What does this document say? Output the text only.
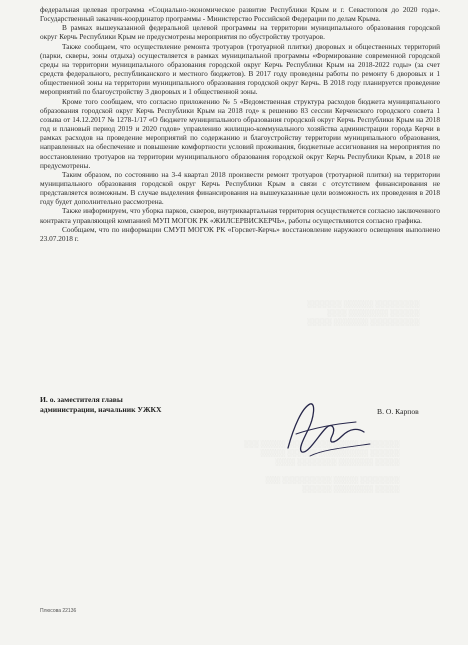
░░░░░░░░░ ░░░░░░ ░░░░░░░
░░░░░░ ░░░░░░░░ ░░░░
░░░░░░░░░░ ░░░░░░░ ░░░░░
░░░░░░░░ ░░░░░ ░░░░░░░░░ ░░░░░ ░░░
░░░░░░ ░░░░░░░░░░ ░░░░░░ ░░░░░
░░░░░ ░░░░░░░ ░░░░░░░░ ░░░░

░░░░░░░░ ░░░░░ ░░░░░░░░░░ ░░░
░░░░░ ░░░░░░░░ ░░░░░░

федеральная целевая программа «Социально-экономическое развитие Республики Крым и г. Севастополя до 2020 года». Государственный заказчик-координатор программы - Министерство Российской Федерации по делам Крыма.

В рамках вышеуказанной федеральной целевой программы на территории муниципального образования городской округ Керчь Республики Крым не предусмотрены мероприятия по обустройству тротуаров.

Также сообщаем, что осуществление ремонта тротуаров (тротуарной плитки) дворовых и общественных территорий (парки, скверы, зоны отдыха) осуществляется в рамках муниципальной программы «Формирование современной городской среды на территории муниципального образования городской округ Керчь Республики Крым на 2018-2022 годы» (за счет средств федерального, республиканского и местного бюджетов). В 2017 году проведены работы по ремонту 6 дворовых и 1 общественной зоны на территории муниципального образования городской округ Керчь. В 2018 году планируется проведение мероприятий по благоустройству 3 дворовых и 1 общественной зоны.

Кроме того сообщаем, что согласно приложению № 5 «Ведомственная структура расходов бюджета муниципального образования городской округ Керчь Республики Крым на 2018 год» к решению 83 сессии Керченского городского совета 1 созыва от 14.12.2017 № 1278-1/17 «О бюджете муниципального образования городской округ Керчь Республики Крым на 2018 год и плановый период 2019 и 2020 годов» управлению жилищно-коммунального хозяйства администрации города Керчи в рамках расходов на проведение мероприятий по содержанию и благоустройству территории муниципального образования, направленных на обеспечение и повышение комфортности условий проживания, бюджетные ассигнования на мероприятия по восстановлению тротуаров на территории муниципального образования городской округ Керчь Республики Крым, в 2018 не предусмотрены.

Таким образом, по состоянию на 3-4 квартал 2018 произвести ремонт тротуаров (тротуарной плитки) на территории муниципального образования городской округ Керчь Республики Крым в связи с отсутствием финансирования не представляется возможным. В случае выделения финансирования на вышеуказанные цели возможность их проведения в 2018 году будет дополнительно рассмотрена.

Также информируем, что уборка парков, скверов, внутриквартальная территория осуществляется согласно заключенного контракта управляющей компанией МУП МОГОК РК «ЖИЛСЕРВИСКЕРЧЬ», работы осуществляются согласно графика.

Сообщаем, что по информации СМУП МОГОК РК «Горсвет-Керчь» восстановление наружного освещения выполнено 23.07.2018 г.

И. о. заместителя главы
администрации, начальник УЖКХ	В. О. Карпов
Плюсова 22136
